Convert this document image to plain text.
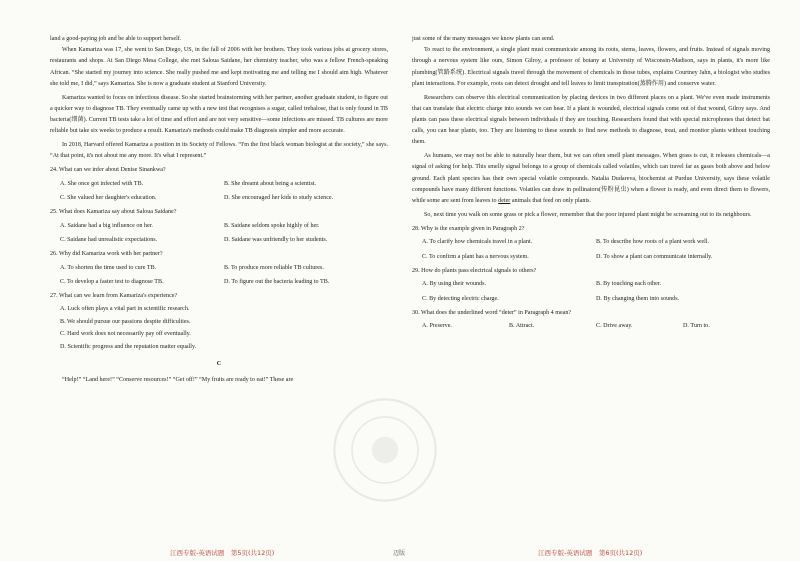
land a good-paying job and be able to support herself.

When Kamariza was 17, she went to San Diego, US, in the fall of 2006 with her brothers. They took various jobs at grocery stores, restaurants and shops. At San Diego Mesa College, she met Saloua Saidane, her chemistry teacher, who was a fellow French-speaking African. “She started my journey into science. She really pushed me and kept motivating me and telling me I should aim high. Whatever she told me, I did,” says Kamariza. She is now a graduate student at Stanford University.

Kamariza wanted to focus on infectious disease. So she started brainstorming with her partner, another graduate student, to figure out a quicker way to diagnose TB. They eventually came up with a new test that recognises a sugar, called trehalose, that is only found in TB bacteria(细菌). Current TB tests take a lot of time and effort and are not very sensitive—some infections are missed. TB cultures are more reliable but take six weeks to produce a result. Kamariza's methods could make TB diagnosis simpler and more accurate.

In 2018, Harvard offered Kamariza a position in its Society of Fellows. “I'm the first black woman biologist at the society,” she says. “At that point, it's not about me any more. It's what I represent.”

24. What can we infer about Denise Sinankwa?
A. She once got infected with TB.	B. She dreamt about being a scientist.
C. She valued her daughter's education.	D. She encouraged her kids to study science.
25. What does Kamariza say about Saloua Saidane?
A. Saidane had a big influence on her.	B. Saidane seldom spoke highly of her.
C. Saidane had unrealistic expectations.	D. Saidane was unfriendly to her students.
26. Why did Kamariza work with her partner?
A. To shorten the time used to cure TB.	B. To produce more reliable TB cultures.
C. To develop a faster test to diagnose TB.	D. To figure out the bacteria leading to TB.
27. What can we learn from Kamariza's experience?
A. Luck often plays a vital part in scientific research.
B. We should pursue our passions despite difficulties.
C. Hard work does not necessarily pay off eventually.
D. Scientific progress and the reputation matter equally.
C

“Help!” “Land here!” “Conserve resources!” “Get off!” “My fruits are ready to eat!” These are

just some of the many messages we know plants can send.

To react to the environment, a single plant must communicate among its roots, stems, leaves, flowers, and fruits. Instead of signals moving through a nervous system like ours, Simon Gilroy, a professor of botany at University of Wisconsin-Madison, says in plants, it's more like plumbing(管路系统). Electrical signals travel through the movement of chemicals in those tubes, explains Courtney Jahn, a biologist who studies plant interactions. For example, roots can detect drought and tell leaves to limit transpiration(蒸腾作用) and conserve water.

Researchers can observe this electrical communication by placing devices in two different places on a plant. We've even made instruments that can translate that electric charge into sounds we can hear. If a plant is wounded, electrical signals come out of that wound, Gilroy says. And plants can pass these electrical signals between individuals if they are touching. Researchers found that with special microphones that detect bat calls, you can hear plants, too. They are listening to these sounds to find new methods to diagnose, treat, and monitor plants without touching them.

As humans, we may not be able to naturally hear them, but we can often smell plant messages. When grass is cut, it releases chemicals—a signal of asking for help. This smelly signal belongs to a group of chemicals called volatiles, which can travel far as gases both above and below ground. Each plant species has their own special volatile compounds. Natalia Dudareva, biochemist at Purdue University, says these volatile compounds have many different functions. Volatiles can draw in pollinators(传粉昆虫) when a flower is ready, and even direct them to flowers, while some are sent from leaves to deter animals that feed on only plants.

So, next time you walk on some grass or pick a flower, remember that the poor injured plant might be screaming out to its neighbours.

28. Why is the example given in Paragraph 2?
A. To clarify how chemicals travel in a plant.	B. To describe how roots of a plant work well.
C. To confirm a plant has a nervous system.	D. To show a plant can communicate internally.
29. How do plants pass electrical signals to others?
A. By using their wounds.	B. By touching each other.
C. By detecting electric charge.	D. By changing them into sounds.
30. What does the underlined word “deter” in Paragraph 4 mean?
A. Preserve.	B. Attract.	C. Drive away.	D. Turn to.
江西专版-英语试题　第5页(共12页)	迈版	江西专版-英语试题　第6页(共12页)
